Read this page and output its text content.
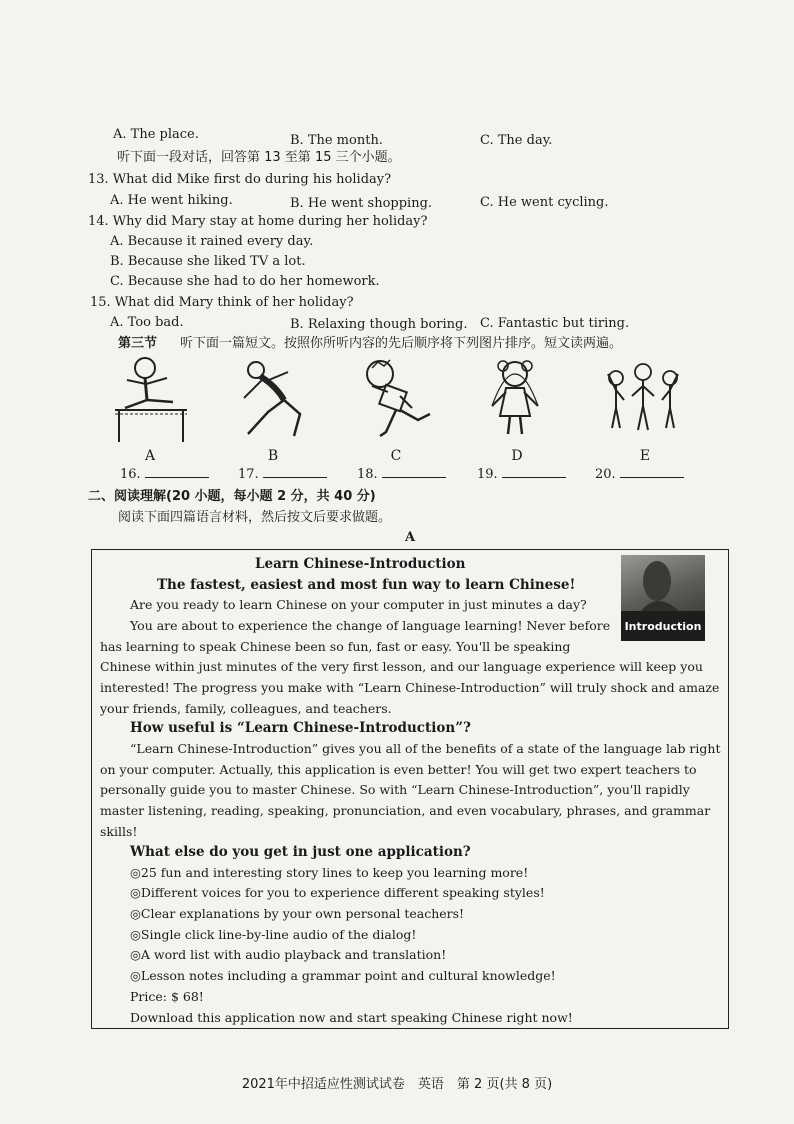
A. The place.	B. The month.	C. The day.
听下面一段对话，回答第 13 至第 15 三个小题。
13. What did Mike first do during his holiday?
A. He went hiking.	B. He went shopping.	C. He went cycling.
14. Why did Mary stay at home during her holiday?
A. Because it rained every day.
B. Because she liked TV a lot.
C. Because she had to do her homework.
15. What did Mary think of her holiday?
A. Too bad.	B. Relaxing though boring. C. Fantastic but tiring.
第三节 听下面一篇短文。按照你所听内容的先后顺序将下列图片排序。短文读两遍。
A	B	C	D	E
16.	17.	18.	19.	20.
二、阅读理解(20 小题，每小题 2 分，共 40 分)
阅读下面四篇语言材料，然后按文后要求做题。
A
Introduction
Learn Chinese-Introduction
The fastest, easiest and most fun way to learn Chinese!
Are you ready to learn Chinese on your computer in just minutes a day?
You are about to experience the change of language learning! Never before
has learning to speak Chinese been so fun, fast or easy. You'll be speaking
Chinese within just minutes of the very first lesson, and our language experience will keep you
interested! The progress you make with “Learn Chinese-Introduction” will truly shock and amaze
your friends, family, colleagues, and teachers.
How useful is “Learn Chinese-Introduction”?
“Learn Chinese-Introduction” gives you all of the benefits of a state of the language lab right
on your computer. Actually, this application is even better! You will get two expert teachers to
personally guide you to master Chinese. So with “Learn Chinese-Introduction”, you'll rapidly
master listening, reading, speaking, pronunciation, and even vocabulary, phrases, and grammar
skills!
What else do you get in just one application?
◎25 fun and interesting story lines to keep you learning more!
◎Different voices for you to experience different speaking styles!
◎Clear explanations by your own personal teachers!
◎Single click line-by-line audio of the dialog!
◎A word list with audio playback and translation!
◎Lesson notes including a grammar point and cultural knowledge!
Price: $ 68!
Download this application now and start speaking Chinese right now!
2021年中招适应性测试试卷　英语　第 2 页(共 8 页)
